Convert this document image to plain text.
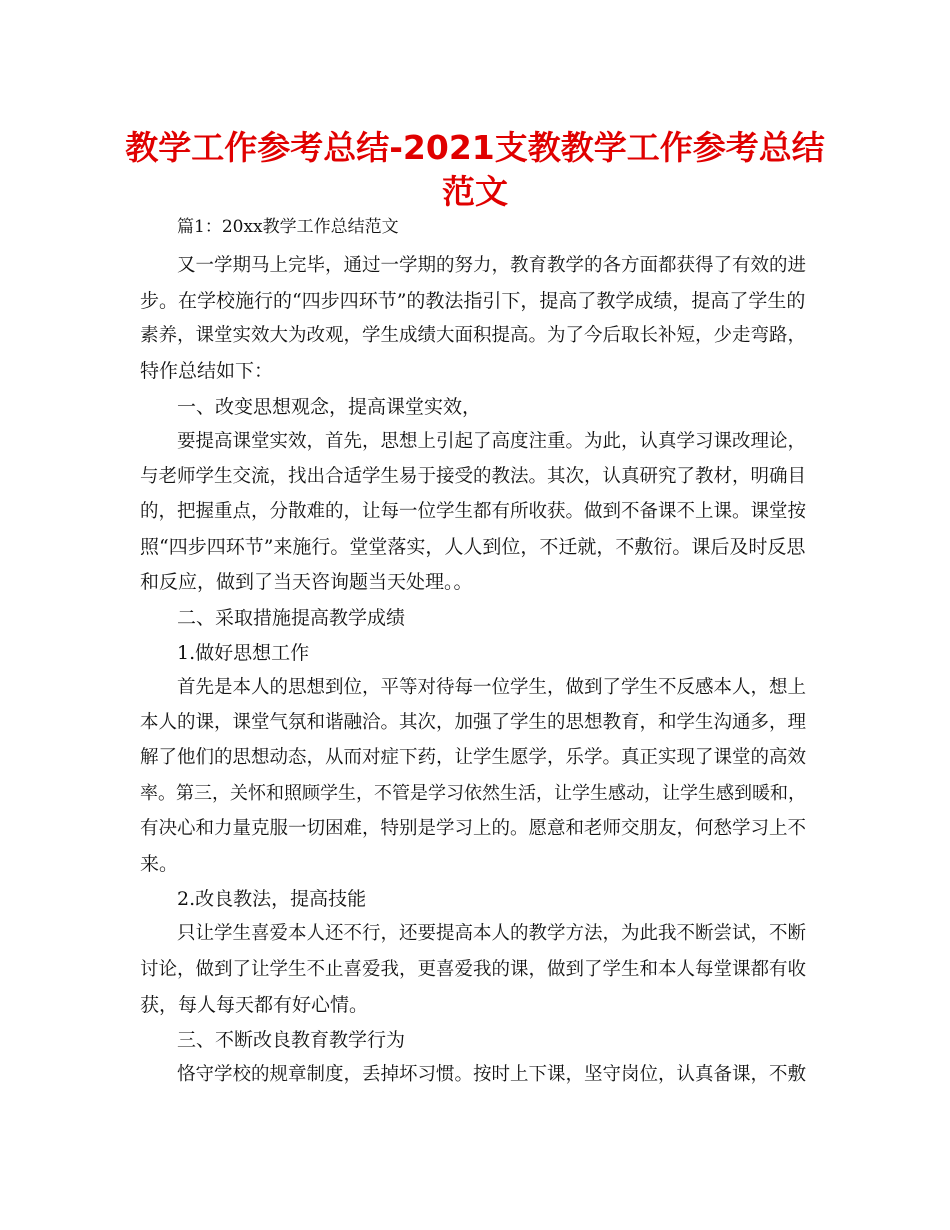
教学工作参考总结-2021支教教学工作参考总结
范文

篇1：20xx教学工作总结范文

又一学期马上完毕，通过一学期的努力，教育教学的各方面都获得了有效的进

步。在学校施行的“四步四环节”的教法指引下，提高了教学成绩，提高了学生的

素养，课堂实效大为改观，学生成绩大面积提高。为了今后取长补短，少走弯路，

特作总结如下：

一、改变思想观念，提高课堂实效，

要提高课堂实效，首先，思想上引起了高度注重。为此，认真学习课改理论，

与老师学生交流，找出合适学生易于接受的教法。其次，认真研究了教材，明确目

的，把握重点，分散难的，让每一位学生都有所收获。做到不备课不上课。课堂按

照“四步四环节”来施行。堂堂落实，人人到位，不迁就，不敷衍。课后及时反思

和反应，做到了当天咨询题当天处理。。

二、采取措施提高教学成绩

1.做好思想工作

首先是本人的思想到位，平等对待每一位学生，做到了学生不反感本人，想上

本人的课，课堂气氛和谐融洽。其次，加强了学生的思想教育，和学生沟通多，理

解了他们的思想动态，从而对症下药，让学生愿学，乐学。真正实现了课堂的高效

率。第三，关怀和照顾学生，不管是学习依然生活，让学生感动，让学生感到暖和，

有决心和力量克服一切困难，特别是学习上的。愿意和老师交朋友，何愁学习上不

来。

2.改良教法，提高技能

只让学生喜爱本人还不行，还要提高本人的教学方法，为此我不断尝试，不断

讨论，做到了让学生不止喜爱我，更喜爱我的课，做到了学生和本人每堂课都有收

获，每人每天都有好心情。

三、不断改良教育教学行为

恪守学校的规章制度，丢掉坏习惯。按时上下课，坚守岗位，认真备课，不敷
